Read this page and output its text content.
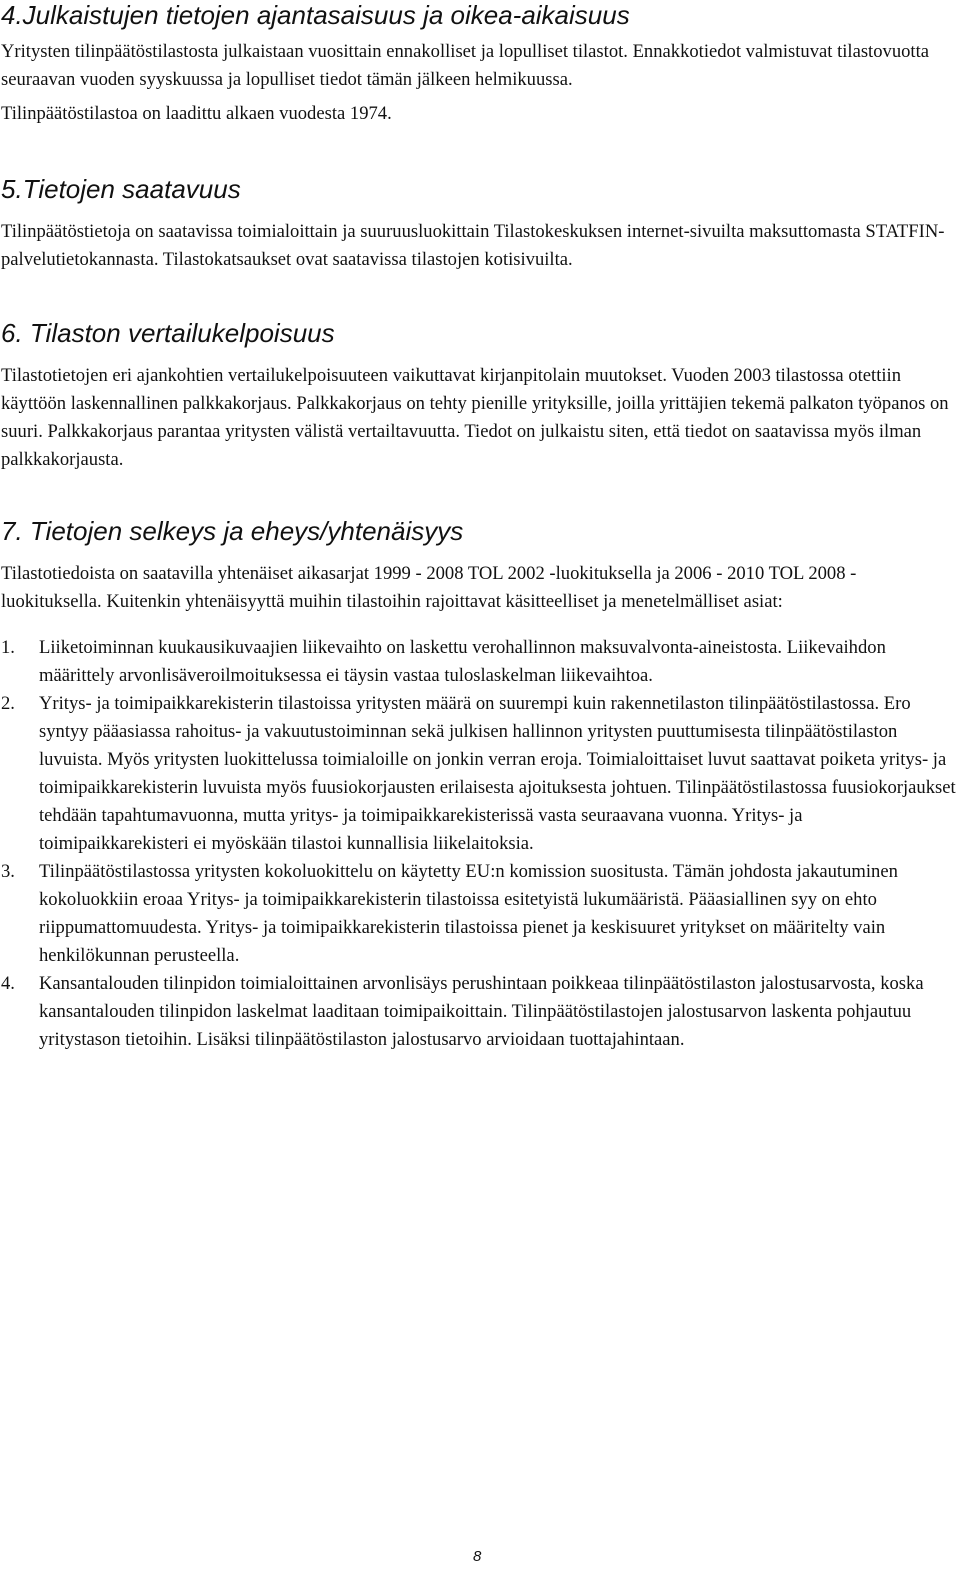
4.Julkaistujen tietojen ajantasaisuus ja oikea-aikaisuus

Yritysten tilinpäätöstilastosta julkaistaan vuosittain ennakolliset ja lopulliset tilastot. Ennakkotiedot valmistuvat tilastovuotta seuraavan vuoden syyskuussa ja lopulliset tiedot tämän jälkeen helmikuussa.

Tilinpäätöstilastoa on laadittu alkaen vuodesta 1974.

5.Tietojen saatavuus

Tilinpäätöstietoja on saatavissa toimialoittain ja suuruusluokittain Tilastokeskuksen internet-sivuilta maksuttomasta STATFIN-palvelutietokannasta. Tilastokatsaukset ovat saatavissa tilastojen kotisivuilta.

6. Tilaston vertailukelpoisuus

Tilastotietojen eri ajankohtien vertailukelpoisuuteen vaikuttavat kirjanpitolain muutokset. Vuoden 2003 tilastossa otettiin käyttöön laskennallinen palkkakorjaus. Palkkakorjaus on tehty pienille yrityksille, joilla yrittäjien tekemä palkaton työpanos on suuri. Palkkakorjaus parantaa yritysten välistä vertailtavuutta. Tiedot on julkaistu siten, että tiedot on saatavissa myös ilman palkkakorjausta.

7. Tietojen selkeys ja eheys/yhtenäisyys

Tilastotiedoista on saatavilla yhtenäiset aikasarjat 1999 - 2008 TOL 2002 -luokituksella ja 2006 - 2010 TOL 2008 -luokituksella. Kuitenkin yhtenäisyyttä muihin tilastoihin rajoittavat käsitteelliset ja menetelmälliset asiat:

1. Liiketoiminnan kuukausikuvaajien liikevaihto on laskettu verohallinnon maksuvalvonta-aineistosta. Liikevaihdon määrittely arvonlisäveroilmoituksessa ei täysin vastaa tuloslaskelman liikevaihtoa.
2. Yritys- ja toimipaikkarekisterin tilastoissa yritysten määrä on suurempi kuin rakennetilaston tilinpäätöstilastossa. Ero syntyy pääasiassa rahoitus- ja vakuutustoiminnan sekä julkisen hallinnon yritysten puuttumisesta tilinpäätöstilaston luvuista. Myös yritysten luokittelussa toimialoille on jonkin verran eroja. Toimialoittaiset luvut saattavat poiketa yritys- ja toimipaikkarekisterin luvuista myös fuusiokorjausten erilaisesta ajoituksesta johtuen. Tilinpäätöstilastossa fuusiokorjaukset tehdään tapahtumavuonna, mutta yritys- ja toimipaikkarekisterissä vasta seuraavana vuonna. Yritys- ja toimipaikkarekisteri ei myöskään tilastoi kunnallisia liikelaitoksia.
3. Tilinpäätöstilastossa yritysten kokoluokittelu on käytetty EU:n komission suositusta. Tämän johdosta jakautuminen kokoluokkiin eroaa Yritys- ja toimipaikkarekisterin tilastoissa esitetyistä lukumääristä. Pääasiallinen syy on ehto riippumattomuudesta. Yritys- ja toimipaikkarekisterin tilastoissa pienet ja keskisuuret yritykset on määritelty vain henkilökunnan perusteella.
4. Kansantalouden tilinpidon toimialoittainen arvonlisäys perushintaan poikkeaa tilinpäätöstilaston jalostusarvosta, koska kansantalouden tilinpidon laskelmat laaditaan toimipaikoittain. Tilinpäätöstilastojen jalostusarvon laskenta pohjautuu yritystason tietoihin. Lisäksi tilinpäätöstilaston jalostusarvo arvioidaan tuottajahintaan.
8
